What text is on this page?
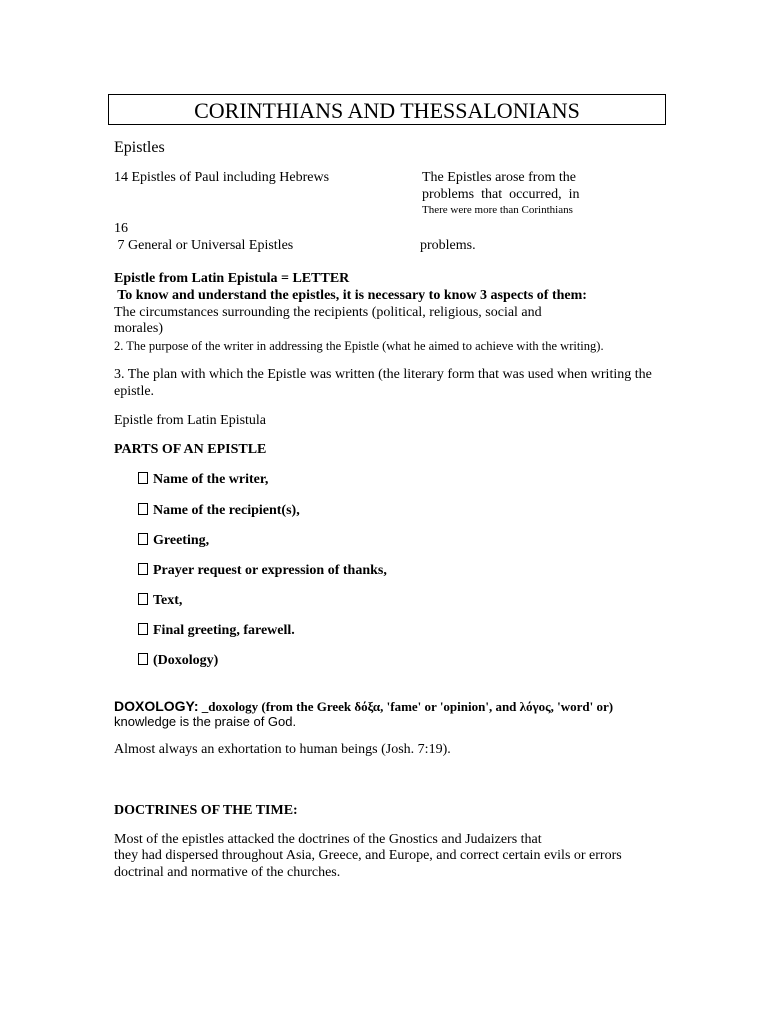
CORINTHIANS AND THESSALONIANS
Epistles
14 Epistles of Paul including Hebrews
16
7 General or Universal Epistles
The Epistles arose from the
problems  that  occurred,  in
There were more than Corinthians
problems.
Epistle from Latin Epistula = LETTER
To know and understand the epistles, it is necessary to know 3 aspects of them:
The circumstances surrounding the recipients (political, religious, social and
morales)
2. The purpose of the writer in addressing the Epistle (what he aimed to achieve with the writing).
3. The plan with which the Epistle was written (the literary form that was used when writing the
epistle.
Epistle from Latin Epistula
PARTS OF AN EPISTLE
Name of the writer,
Name of the recipient(s),
Greeting,
Prayer request or expression of thanks,
Text,
Final greeting, farewell.
(Doxology)
DOXOLOGY: _doxology (from the Greek δόξα, 'fame' or 'opinion', and λόγος, 'word' or)
knowledge is the praise of God.
Almost always an exhortation to human beings (Josh. 7:19).
DOCTRINES OF THE TIME:
Most of the epistles attacked the doctrines of the Gnostics and Judaizers that
they had dispersed throughout Asia, Greece, and Europe, and correct certain evils or errors
doctrinal and normative of the churches.
